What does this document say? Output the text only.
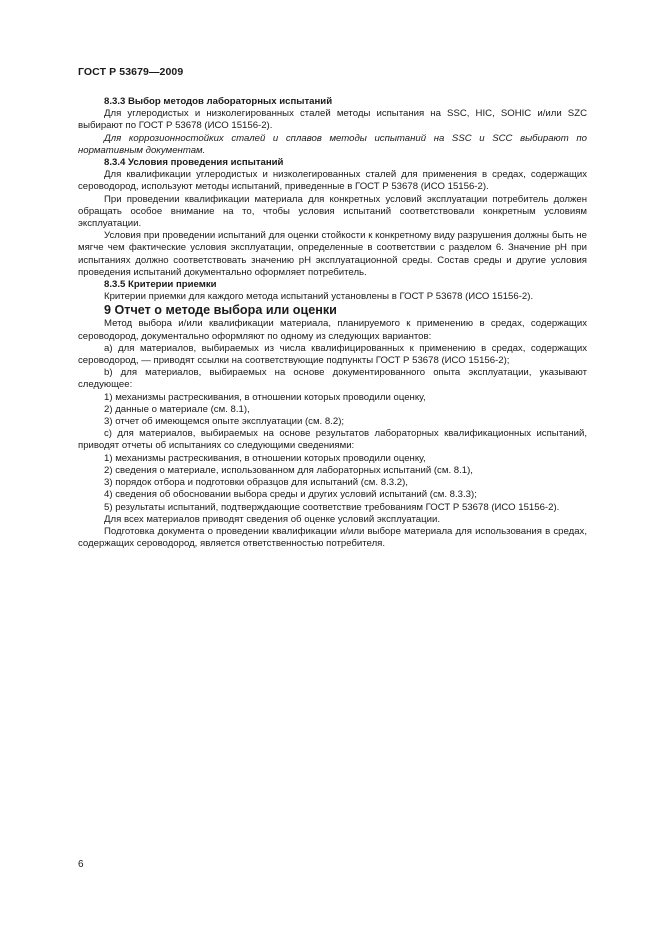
ГОСТ Р 53679—2009

8.3.3 Выбор методов лабораторных испытаний

Для углеродистых и низколегированных сталей методы испытания на SSC, HIC, SOHIC и/или SZC выбирают по ГОСТ Р 53678 (ИСО 15156-2).

Для коррозионностойких сталей и сплавов методы испытаний на SSC и SCC выбирают по нормативным документам.

8.3.4 Условия проведения испытаний

Для квалификации углеродистых и низколегированных сталей для применения в средах, содержащих сероводород, используют методы испытаний, приведенные в ГОСТ Р 53678 (ИСО 15156-2).

При проведении квалификации материала для конкретных условий эксплуатации потребитель должен обращать особое внимание на то, чтобы условия испытаний соответствовали конкретным условиям эксплуатации.

Условия при проведении испытаний для оценки стойкости к конкретному виду разрушения должны быть не мягче чем фактические условия эксплуатации, определенные в соответствии с разделом 6. Значение pH при испытаниях должно соответствовать значению pH эксплуатационной среды. Состав среды и другие условия проведения испытаний документально оформляет потребитель.

8.3.5 Критерии приемки

Критерии приемки для каждого метода испытаний установлены в ГОСТ Р 53678 (ИСО 15156-2).

9 Отчет о методе выбора или оценки

Метод выбора и/или квалификации материала, планируемого к применению в средах, содержащих сероводород, документально оформляют по одному из следующих вариантов:

a) для материалов, выбираемых из числа квалифицированных к применению в средах, содержащих сероводород, — приводят ссылки на соответствующие подпункты ГОСТ Р 53678 (ИСО 15156-2);

b) для материалов, выбираемых на основе документированного опыта эксплуатации, указывают следующее:

1) механизмы растрескивания, в отношении которых проводили оценку,

2) данные о материале (см. 8.1),

3) отчет об имеющемся опыте эксплуатации (см. 8.2);

c) для материалов, выбираемых на основе результатов лабораторных квалификационных испытаний, приводят отчеты об испытаниях со следующими сведениями:

1) механизмы растрескивания, в отношении которых проводили оценку,

2) сведения о материале, использованном для лабораторных испытаний (см. 8.1),

3) порядок отбора и подготовки образцов для испытаний (см. 8.3.2),

4) сведения об обосновании выбора среды и других условий испытаний (см. 8.3.3);

5) результаты испытаний, подтверждающие соответствие требованиям ГОСТ Р 53678 (ИСО 15156-2).

Для всех материалов приводят сведения об оценке условий эксплуатации.

Подготовка документа о проведении квалификации и/или выборе материала для использования в средах, содержащих сероводород, является ответственностью потребителя.

6
